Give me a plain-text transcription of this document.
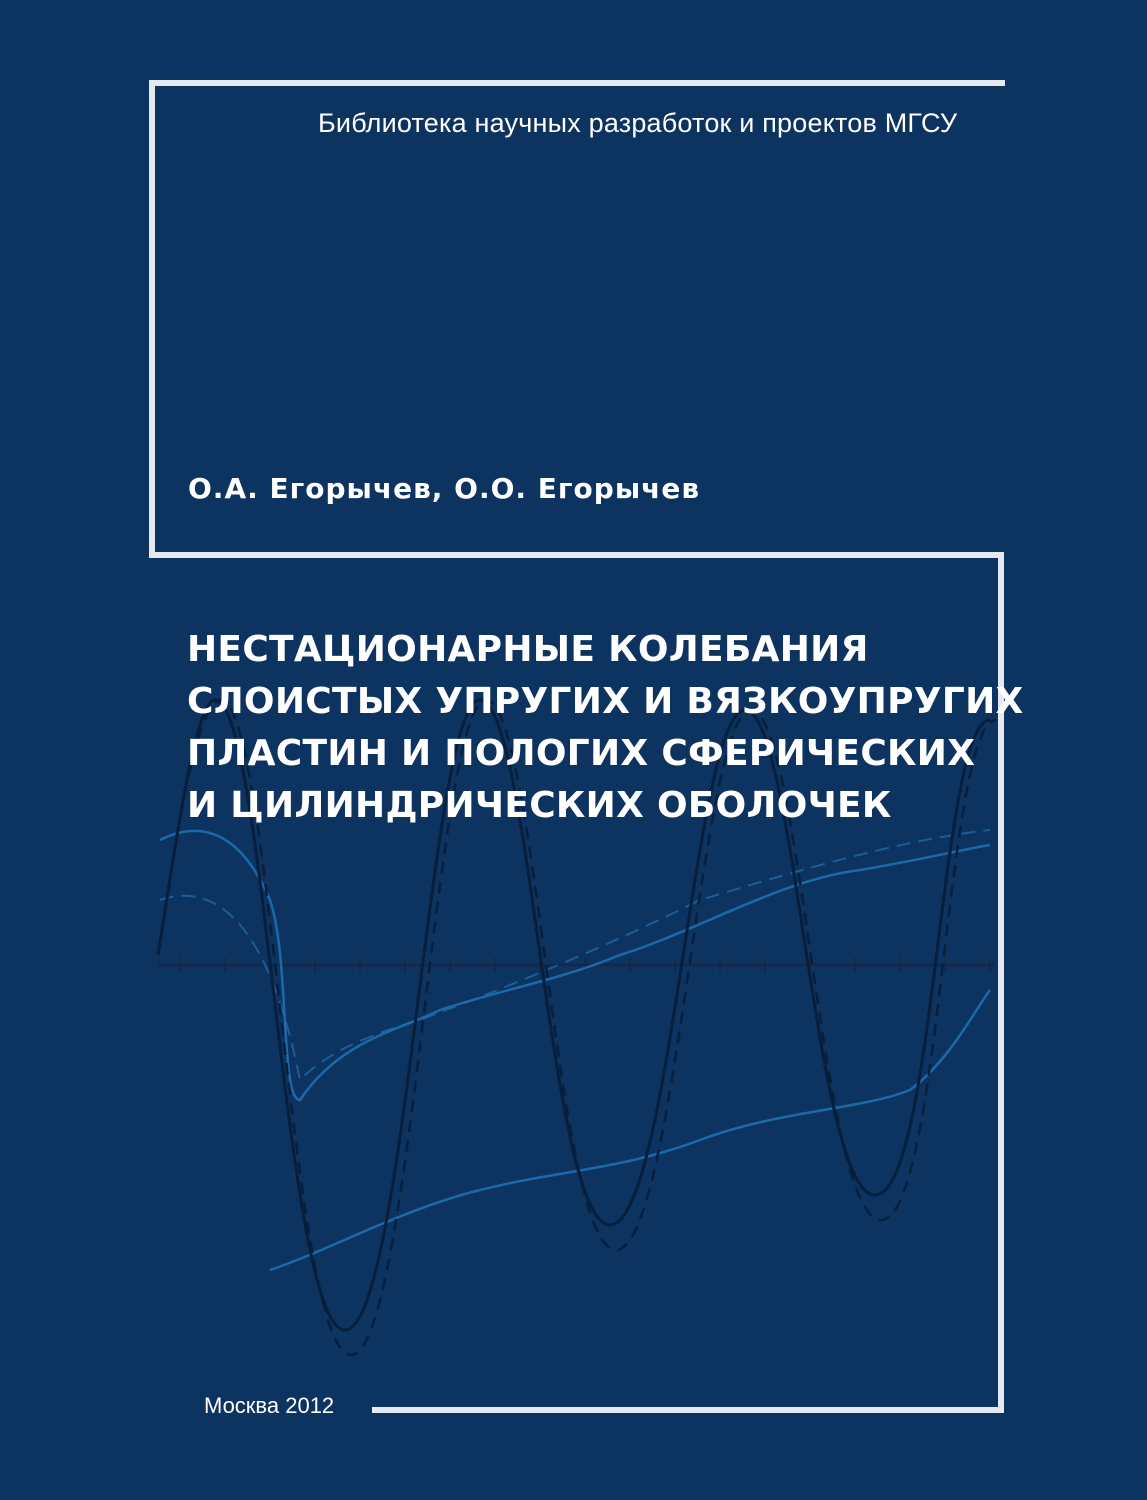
Библиотека научных разработок и проектов МГСУ
О.А. Егорычев, О.О. Егорычев
НЕСТАЦИОНАРНЫЕ КОЛЕБАНИЯ
СЛОИСТЫХ УПРУГИХ И ВЯЗКОУПРУГИХ
ПЛАСТИН И ПОЛОГИХ СФЕРИЧЕСКИХ
И ЦИЛИНДРИЧЕСКИХ ОБОЛОЧЕК
Москва 2012
